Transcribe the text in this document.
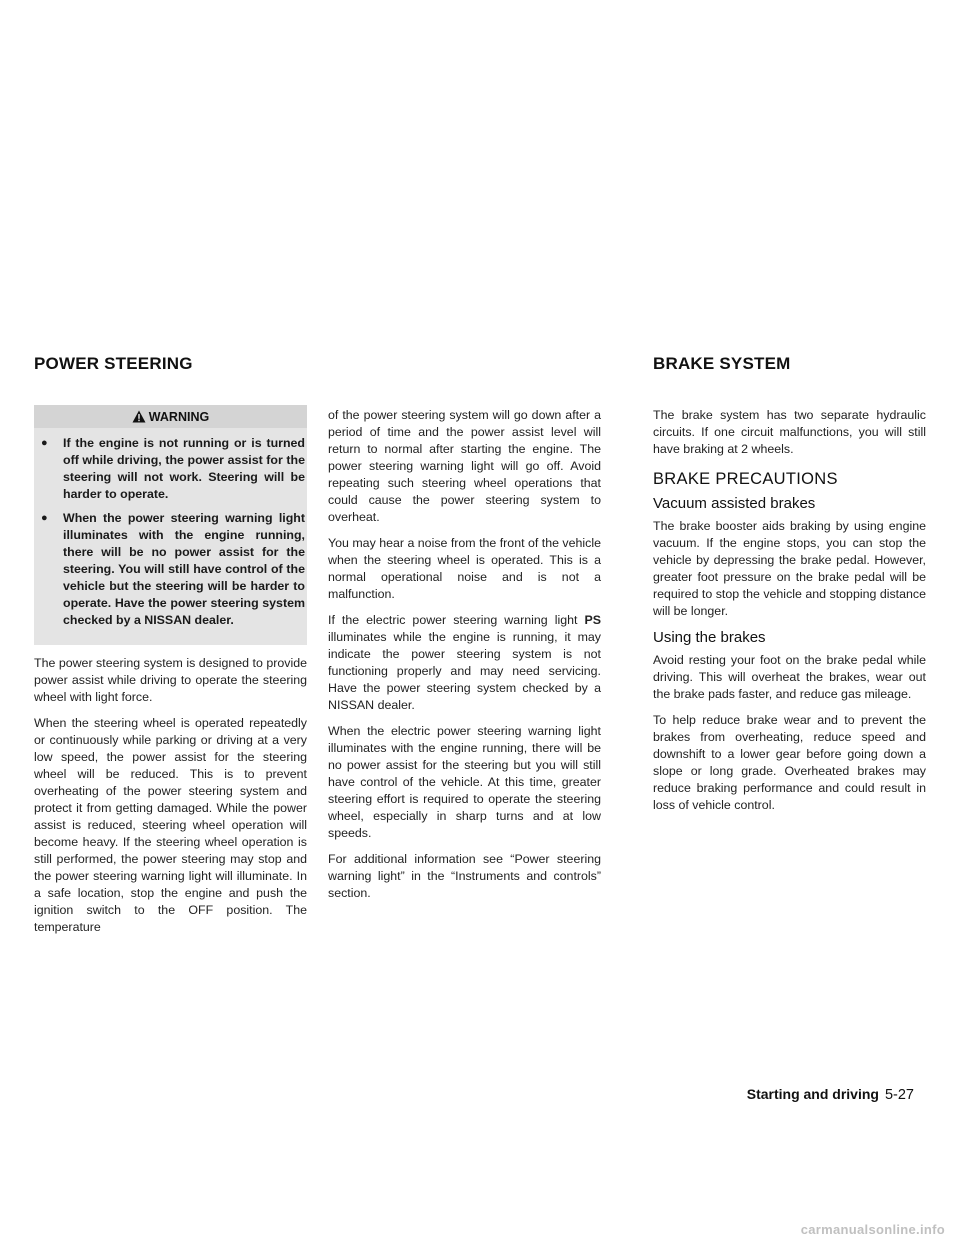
POWER STEERING	BRAKE SYSTEM
WARNING
● If the engine is not running or is turned off while driving, the power assist for the steering will not work. Steering will be harder to operate.
● When the power steering warning light illuminates with the engine running, there will be no power assist for the steering. You will still have control of the vehicle but the steering will be harder to operate. Have the power steering system checked by a NISSAN dealer.

The power steering system is designed to provide power assist while driving to operate the steering wheel with light force.

When the steering wheel is operated repeatedly or continuously while parking or driving at a very low speed, the power assist for the steering wheel will be reduced. This is to prevent overheating of the power steering system and protect it from getting damaged. While the power assist is reduced, steering wheel operation will become heavy. If the steering wheel operation is still performed, the power steering may stop and the power steering warning light will illuminate. In a safe location, stop the engine and push the ignition switch to the OFF position. The temperature

of the power steering system will go down after a period of time and the power assist level will return to normal after starting the engine. The power steering warning light will go off. Avoid repeating such steering wheel operations that could cause the power steering system to overheat.

You may hear a noise from the front of the vehicle when the steering wheel is operated. This is a normal operational noise and is not a malfunction.

If the electric power steering warning light PS illuminates while the engine is running, it may indicate the power steering system is not functioning properly and may need servicing. Have the power steering system checked by a NISSAN dealer.

When the electric power steering warning light illuminates with the engine running, there will be no power assist for the steering but you will still have control of the vehicle. At this time, greater steering effort is required to operate the steering wheel, especially in sharp turns and at low speeds.

For additional information see “Power steering warning light” in the “Instruments and controls” section.

The brake system has two separate hydraulic circuits. If one circuit malfunctions, you will still have braking at 2 wheels.

BRAKE PRECAUTIONS
Vacuum assisted brakes

The brake booster aids braking by using engine vacuum. If the engine stops, you can stop the vehicle by depressing the brake pedal. However, greater foot pressure on the brake pedal will be required to stop the vehicle and stopping distance will be longer.

Using the brakes

Avoid resting your foot on the brake pedal while driving. This will overheat the brakes, wear out the brake pads faster, and reduce gas mileage.

To help reduce brake wear and to prevent the brakes from overheating, reduce speed and downshift to a lower gear before going down a slope or long grade. Overheated brakes may reduce braking performance and could result in loss of vehicle control.

Starting and driving 5-27
carmanualsonline.info
